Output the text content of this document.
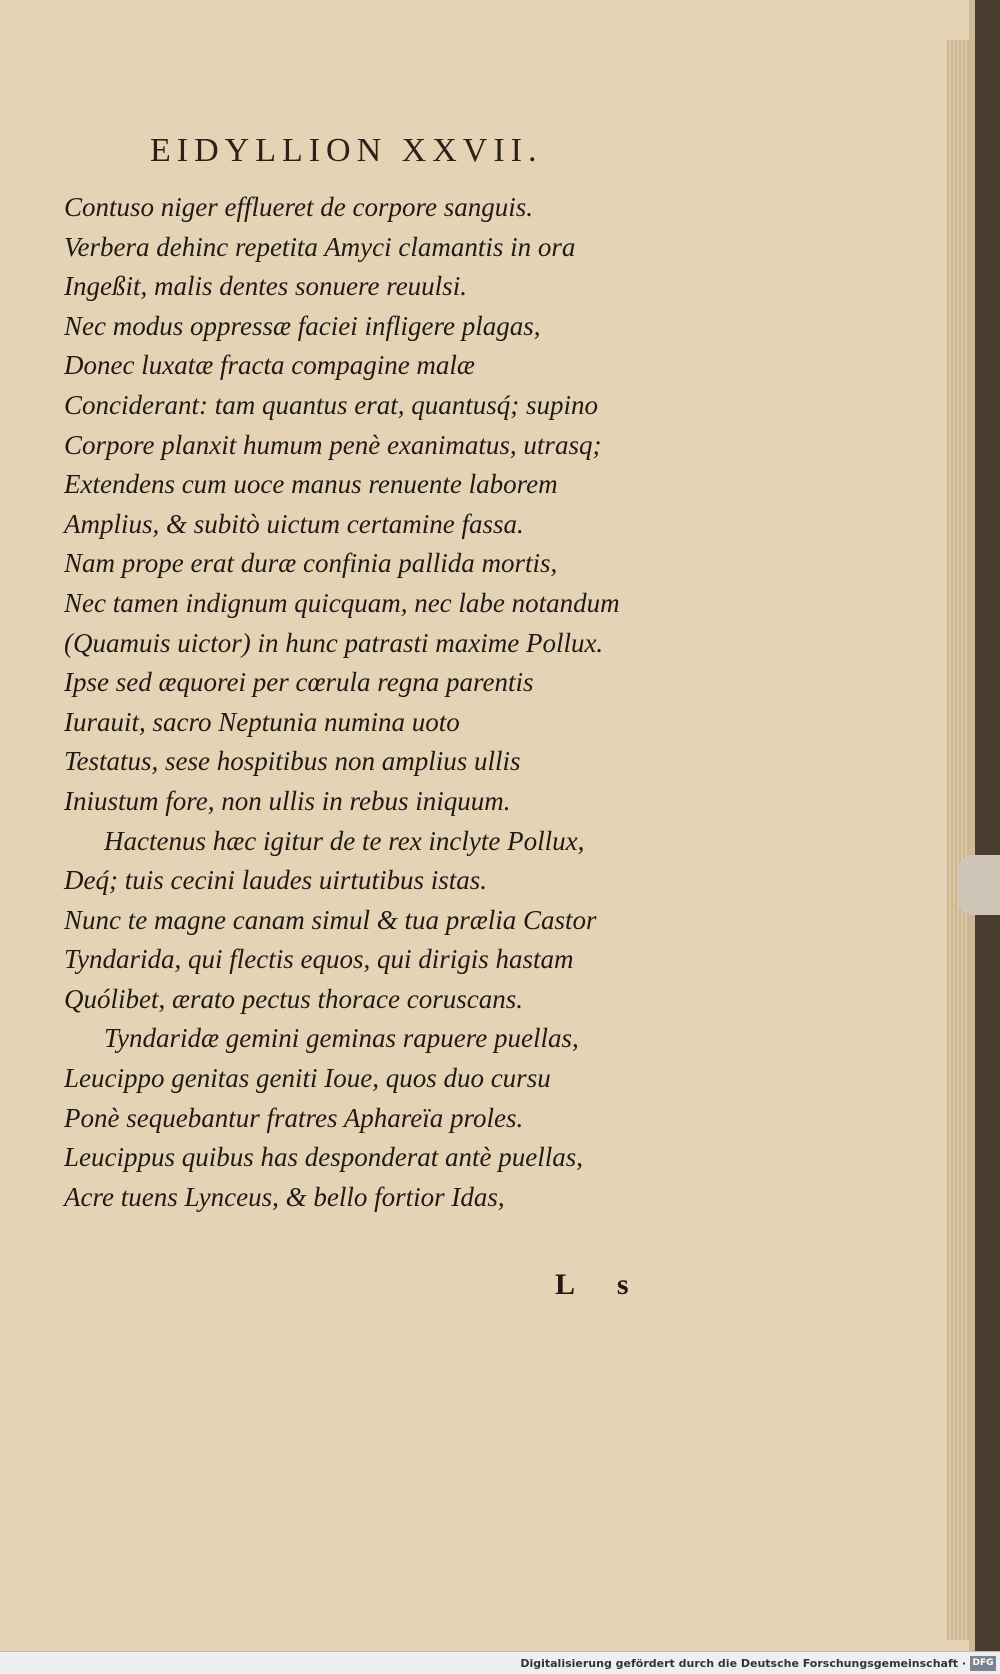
EIDYLLION XXVII.
Contuso niger efflueret de corpore sanguis.
Verbera dehinc repetita Amyci clamantis in ora
Ingeßit, malis dentes sonuere reuulsi.
Nec modus oppressæ faciei infligere plagas,
Donec luxatæ fracta compagine malæ
Conciderant: tam quantus erat, quantusq́; supino
Corpore planxit humum penè exanimatus, utrasq;
Extendens cum uoce manus renuente laborem
Amplius, & subitò uictum certamine fassa.
Nam prope erat duræ confinia pallida mortis,
Nec tamen indignum quicquam, nec labe notandum
(Quamuis uictor) in hunc patrasti maxime Pollux.
Ipse sed æquorei per cœrula regna parentis
Iurauit, sacro Neptunia numina uoto
Testatus, sese hospitibus non amplius ullis
Iniustum fore, non ullis in rebus iniquum.
Hactenus hæc igitur de te rex inclyte Pollux,
Deq́; tuis cecini laudes uirtutibus istas.
Nunc te magne canam simul & tua prælia Castor
Tyndarida, qui flectis equos, qui dirigis hastam
Quólibet, ærato pectus thorace coruscans.
Tyndaridæ gemini geminas rapuere puellas,
Leucippo genitas geniti Ioue, quos duo cursu
Ponè sequebantur fratres Aphareïa proles.
Leucippus quibus has desponderat antè puellas,
Acre tuens Lynceus, & bello fortior Idas,
L s
Digitalisierung gefördert durch die Deutsche Forschungsgemeinschaft · DFG
